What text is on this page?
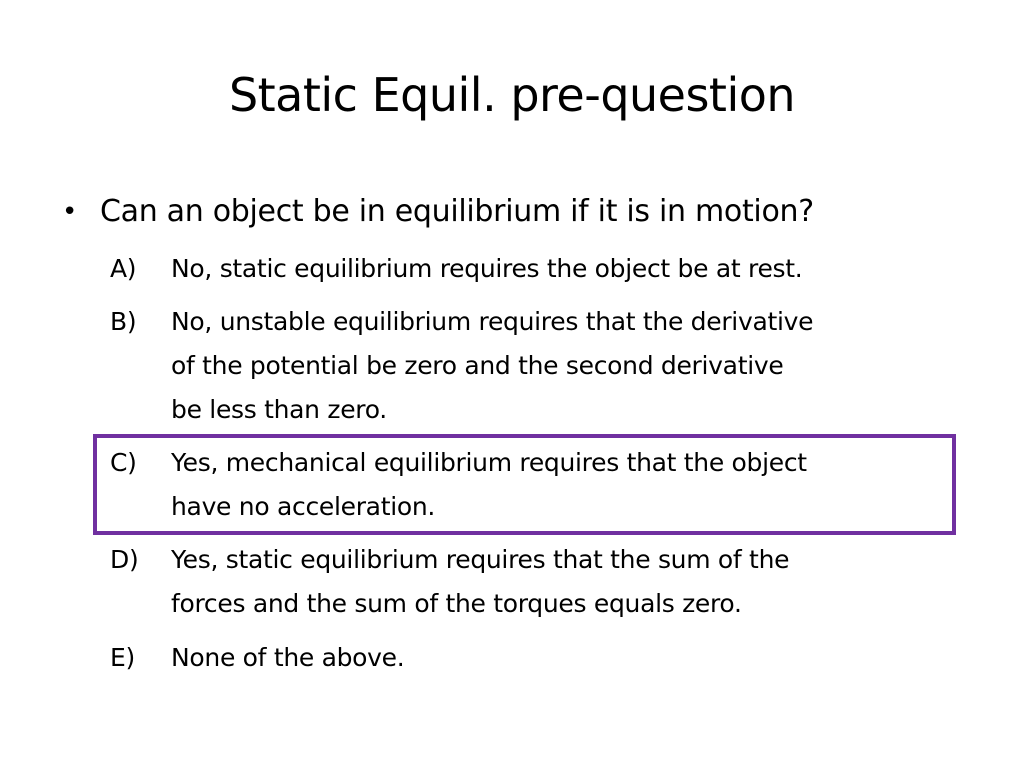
Static Equil. pre-question
• Can an object be in equilibrium if it is in motion?
A) No, static equilibrium requires the object be at rest.
B) No, unstable equilibrium requires that the derivative
of the potential be zero and the second derivative
be less than zero.
C) Yes, mechanical equilibrium requires that the object
have no acceleration.
D) Yes, static equilibrium requires that the sum of the
forces and the sum of the torques equals zero.
E) None of the above.
